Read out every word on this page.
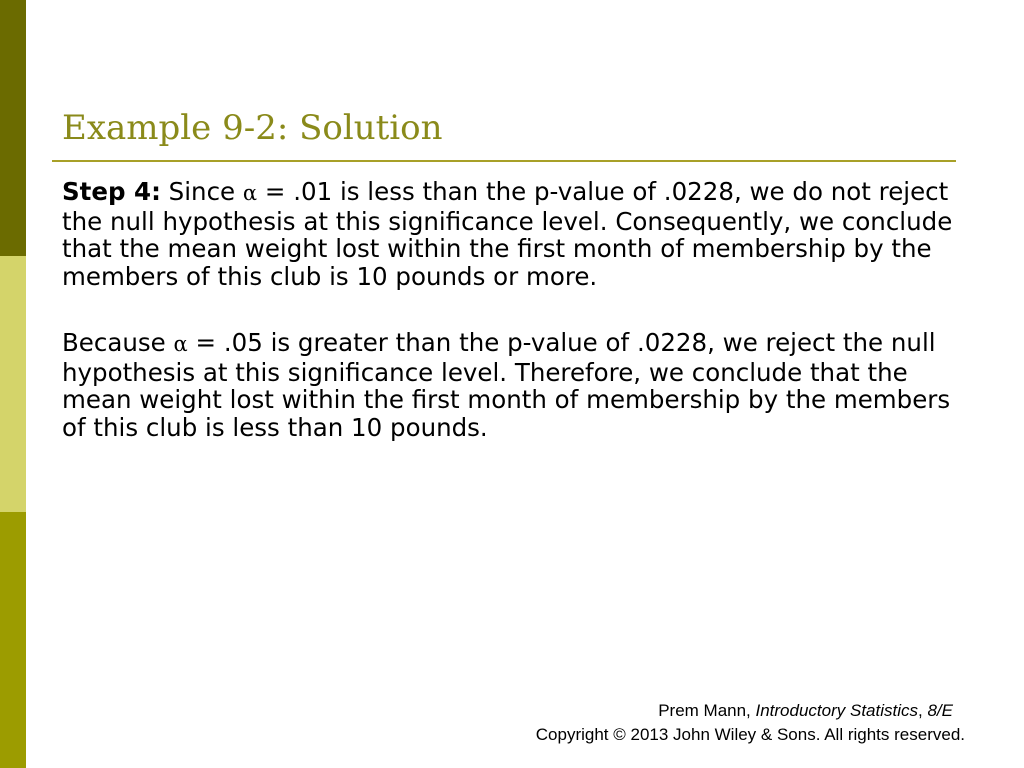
Example 9-2: Solution

Step 4: Since α = .01 is less than the p-value of .0228, we do not reject the null hypothesis at this significance level. Consequently, we conclude that the mean weight lost within the first month of membership by the members of this club is 10 pounds or more.

Because α = .05 is greater than the p-value of .0228, we reject the null hypothesis at this significance level. Therefore, we conclude that the mean weight lost within the first month of membership by the members of this club is less than 10 pounds.

Prem Mann, Introductory Statistics, 8/E
Copyright © 2013 John Wiley & Sons. All rights reserved.
